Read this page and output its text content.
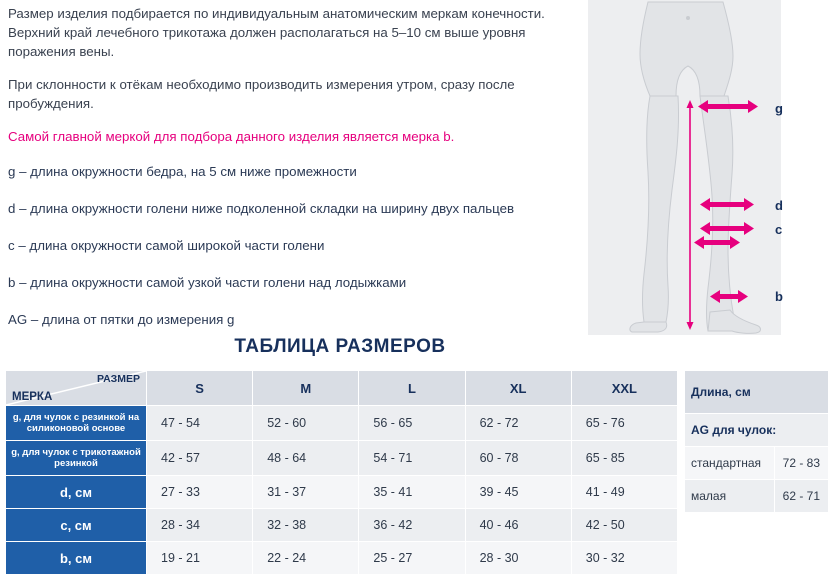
Размер изделия подбирается по индивидуальным анатомическим меркам конечности. Верхний край лечебного трикотажа должен располагаться на 5–10 см выше уровня поражения вены.

При склонности к отёкам необходимо производить измерения утром, сразу после пробуждения.

Самой главной меркой для подбора данного изделия является мерка b.

g – длина окружности бедра, на 5 см ниже промежности

d – длина окружности голени ниже подколенной складки на ширину двух пальцев

c – длина окружности самой широкой части голени

b – длина окружности самой узкой части голени над лодыжками

AG – длина от пятки до измерения g

g
d
c
b
ТАБЛИЦА РАЗМЕРОВ
РАЗМЕР
МЕРКА	S	M	L	XL	XXL
g, для чулок с резинкой на силиконовой основе	47 - 54	52 - 60	56 - 65	62 - 72	65 - 76
g, для чулок с трикотажной резинкой	42 - 57	48 - 64	54 - 71	60 - 78	65 - 85
d, см	27 - 33	31 - 37	35 - 41	39 - 45	41 - 49
c, см	28 - 34	32 - 38	36 - 42	40 - 46	42 - 50
b, см	19 - 21	22 - 24	25 - 27	28 - 30	30 - 32
Длина, см	
AG для чулок:	
стандартная	72 - 83
малая	62 - 71
